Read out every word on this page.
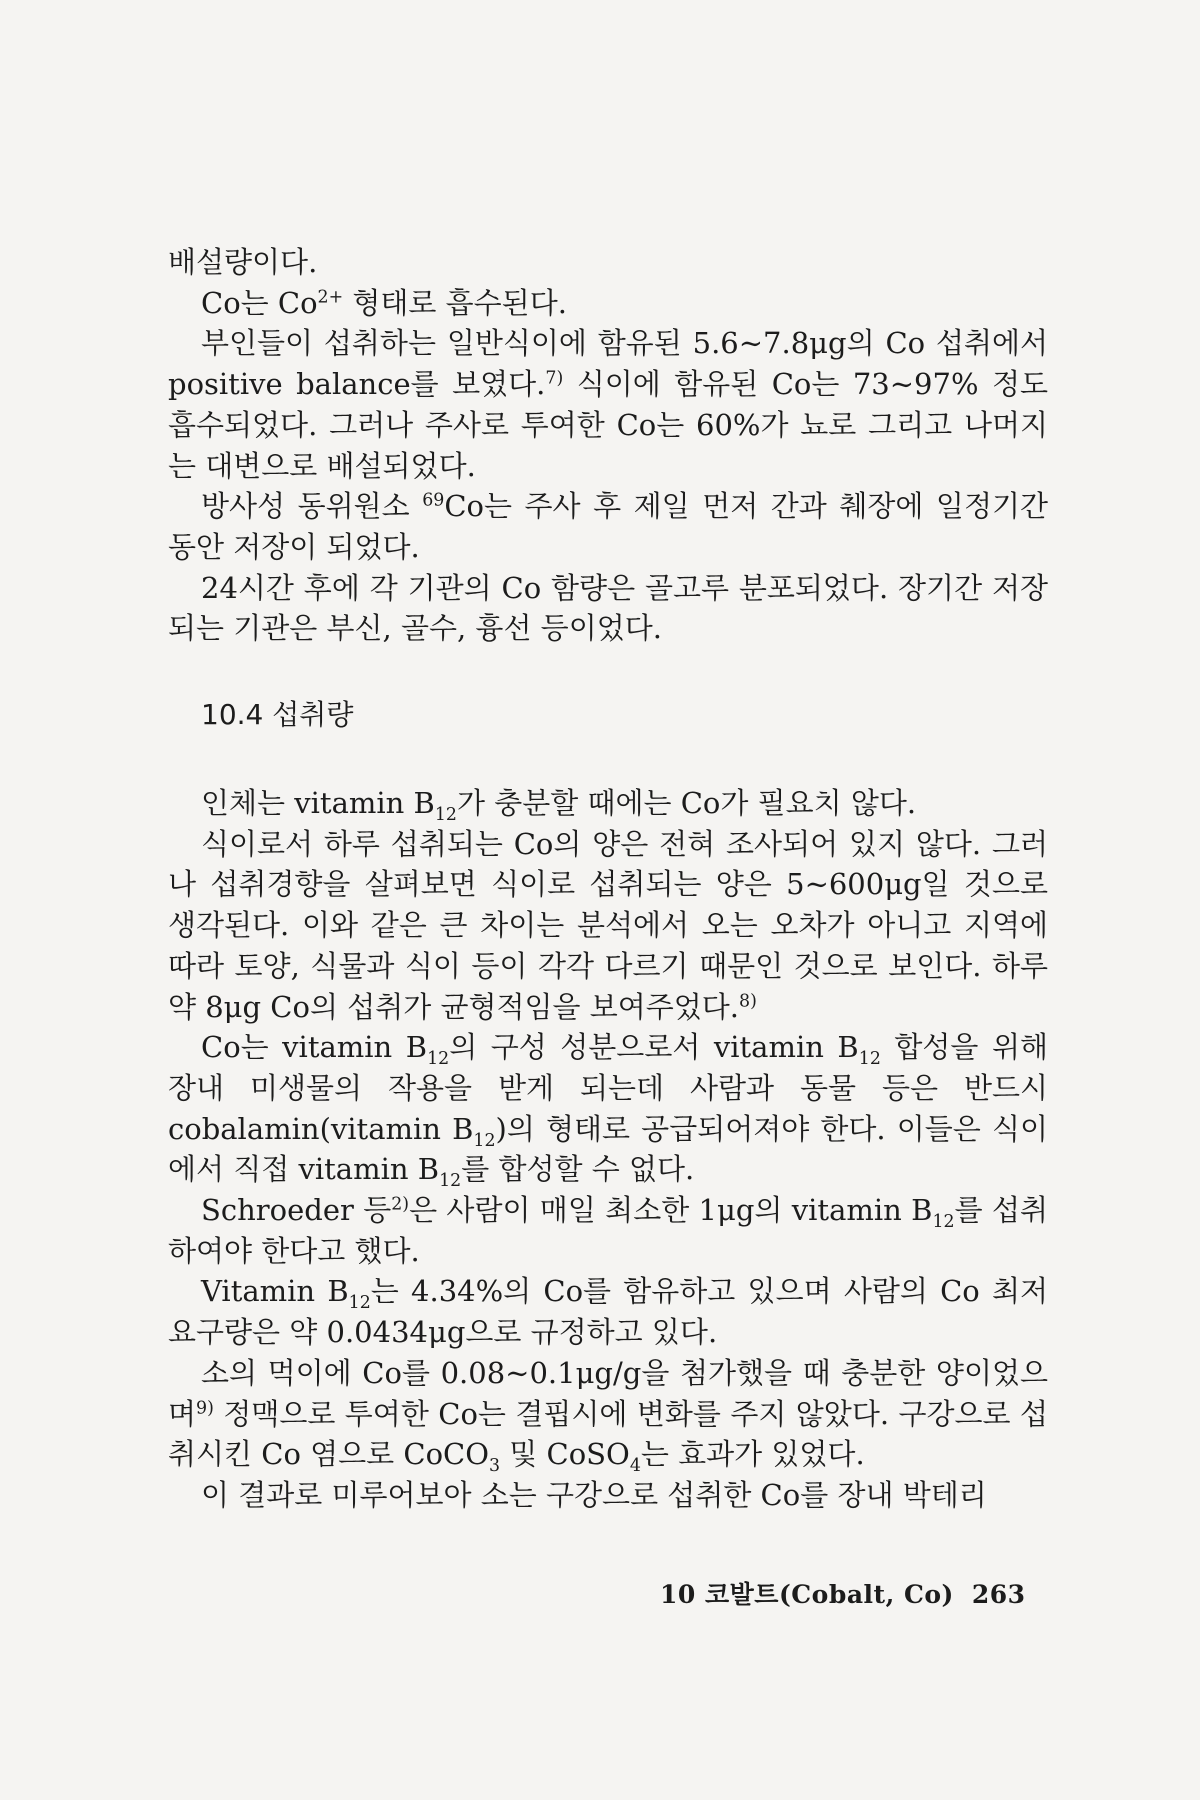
배설량이다.

Co는 $Co^{2+}$ 형태로 흡수된다.

부인들이 섭취하는 일반식이에 함유된 5.6∼7.8μg의 Co 섭취에서 positive balance를 보였다.$^{7)}$ 식이에 함유된 Co는 73∼97% 정도 흡수되었다. 그러나 주사로 투여한 Co는 60%가 뇨로 그리고 나머지는 대변으로 배설되었다.

방사성 동위원소 $^{69}$Co는 주사 후 제일 먼저 간과 췌장에 일정기간 동안 저장이 되었다.

24시간 후에 각 기관의 Co 함량은 골고루 분포되었다. 장기간 저장되는 기관은 부신, 골수, 흉선 등이었다.

10.4 섭취량

인체는 vitamin $B_{12}$가 충분할 때에는 Co가 필요치 않다.

식이로서 하루 섭취되는 Co의 양은 전혀 조사되어 있지 않다. 그러나 섭취경향을 살펴보면 식이로 섭취되는 양은 5∼600μg일 것으로 생각된다. 이와 같은 큰 차이는 분석에서 오는 오차가 아니고 지역에 따라 토양, 식물과 식이 등이 각각 다르기 때문인 것으로 보인다. 하루 약 8μg Co의 섭취가 균형적임을 보여주었다.$^{8)}$

Co는 vitamin $B_{12}$의 구성 성분으로서 vitamin $B_{12}$ 합성을 위해 장내 미생물의 작용을 받게 되는데 사람과 동물 등은 반드시 cobalamin(vitamin $B_{12}$)의 형태로 공급되어져야 한다. 이들은 식이에서 직접 vitamin $B_{12}$를 합성할 수 없다.

Schroeder 등$^{2)}$은 사람이 매일 최소한 1μg의 vitamin $B_{12}$를 섭취하여야 한다고 했다.

Vitamin $B_{12}$는 4.34%의 Co를 함유하고 있으며 사람의 Co 최저 요구량은 약 0.0434μg으로 규정하고 있다.

소의 먹이에 Co를 0.08∼0.1μg/g을 첨가했을 때 충분한 양이었으며$^{9)}$ 정맥으로 투여한 Co는 결핍시에 변화를 주지 않았다. 구강으로 섭취시킨 Co 염으로 CoCO$_3$ 및 CoSO$_4$는 효과가 있었다.

이 결과로 미루어보아 소는 구강으로 섭취한 Co를 장내 박테리

10 코발트(Cobalt, Co) 263
